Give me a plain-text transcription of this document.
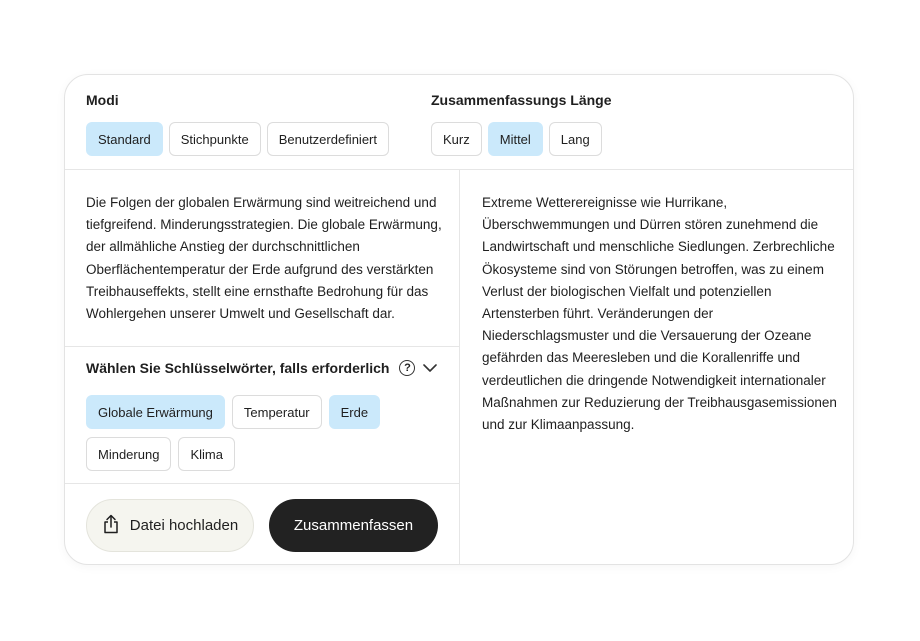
Modi
Standard	Stichpunkte	Benutzerdefiniert
Zusammenfassungs Länge
Kurz	Mittel	Lang

Die Folgen der globalen Erwärmung sind weitreichend und tiefgreifend. Minderungsstrategien. Die globale Erwärmung, der allmähliche Anstieg der durchschnittlichen Oberflächentemperatur der Erde aufgrund des verstärkten Treibhauseffekts, stellt eine ernsthafte Bedrohung für das Wohlergehen unserer Umwelt und Gesellschaft dar.

Wählen Sie Schlüsselwörter, falls erforderlich	?
Globale Erwärmung	Temperatur	Erde
Minderung	Klima
Datei hochladen	Zusammenfassen

Extreme Wetterereignisse wie Hurrikane, Überschwemmungen und Dürren stören zunehmend die Landwirtschaft und menschliche Siedlungen. Zerbrechliche Ökosysteme sind von Störungen betroffen, was zu einem Verlust der biologischen Vielfalt und potenziellen Artensterben führt. Veränderungen der Niederschlagsmuster und die Versauerung der Ozeane gefährden das Meeresleben und die Korallenriffe und verdeutlichen die dringende Notwendigkeit internationaler Maßnahmen zur Reduzierung der Treibhausgasemissionen und zur Klimaanpassung.
